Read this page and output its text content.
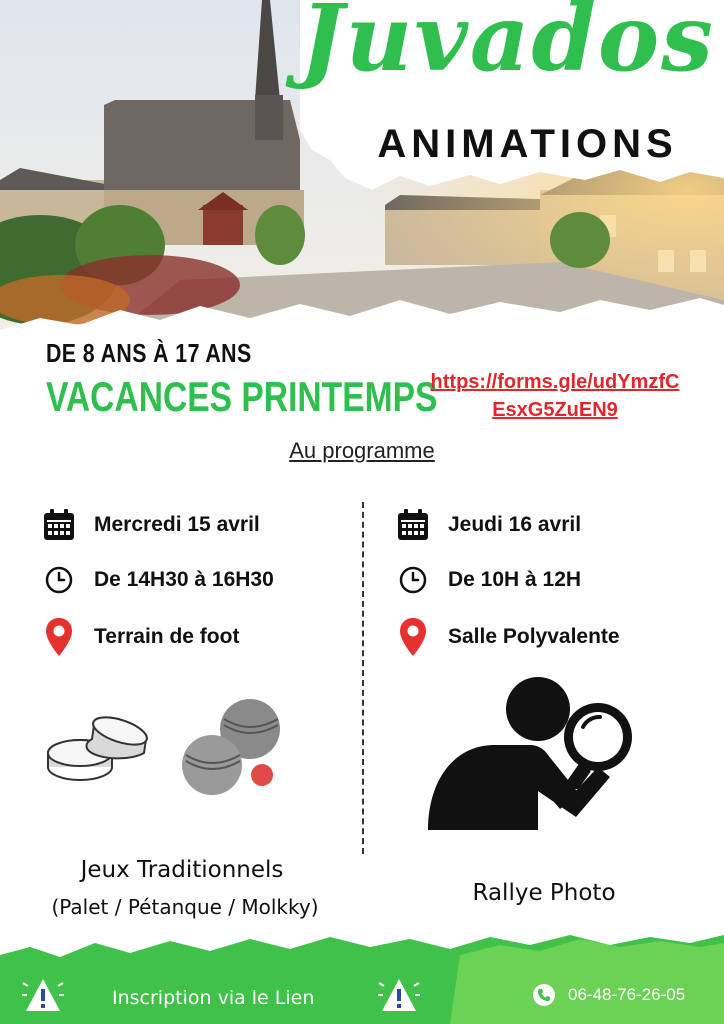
Juvados
ANIMATIONS
DE 8 ANS À 17 ANS
VACANCES PRINTEMPS
https://forms.gle/udYmzfC
EsxG5ZuEN9
Au programme
Mercredi 15 avril
De 14H30 à 16H30
Terrain de foot
Jeux Traditionnels
(Palet / Pétanque / Molkky)
Jeudi 16 avril
De 10H à 12H
Salle Polyvalente
Rallye Photo
Inscription via le Lien	06-48-76-26-05
